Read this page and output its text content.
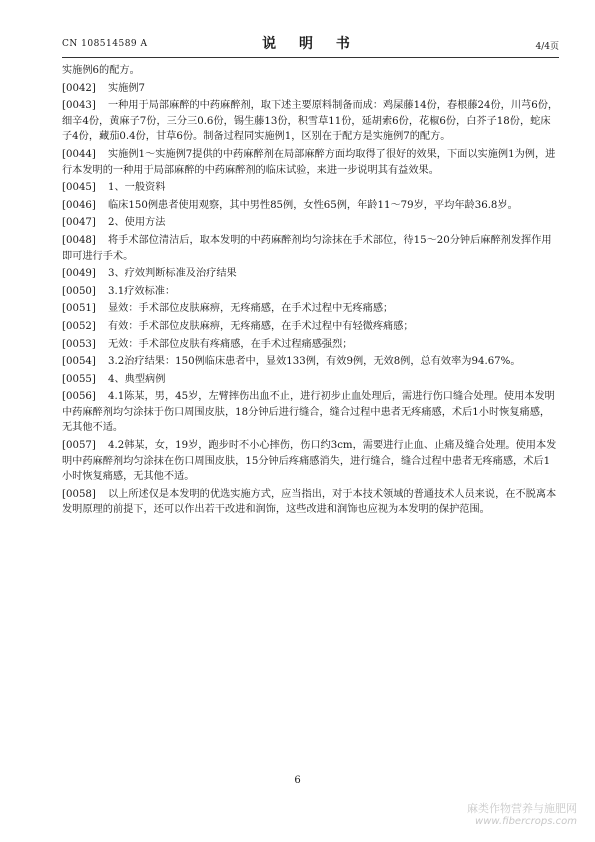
CN 108514589 A	说 明 书	4/4页
实施例6的配方。
[0042] 实施例7
[0043] 一种用于局部麻醉的中药麻醉剂，取下述主要原料制备而成：鸡屎藤14份，春根藤24份，川芎6份，细辛4份，黄麻子7份，三分三0.6份，锡生藤13份，积雪草11份，延胡索6份，花椒6份，白芥子18份，蛇床子4份，藏茄0.4份，甘草6份。制备过程同实施例1，区别在于配方是实施例7的配方。
[0044] 实施例1～实施例7提供的中药麻醉剂在局部麻醉方面均取得了很好的效果，下面以实施例1为例，进行本发明的一种用于局部麻醉的中药麻醉剂的临床试验，来进一步说明其有益效果。
[0045] 1、一般资料
[0046] 临床150例患者使用观察，其中男性85例，女性65例，年龄11～79岁，平均年龄36.8岁。
[0047] 2、使用方法
[0048] 将手术部位清洁后，取本发明的中药麻醉剂均匀涂抹在手术部位，待15～20分钟后麻醉剂发挥作用即可进行手术。
[0049] 3、疗效判断标准及治疗结果
[0050] 3.1疗效标准：
[0051] 显效：手术部位皮肤麻痹，无疼痛感，在手术过程中无疼痛感；
[0052] 有效：手术部位皮肤麻痹，无疼痛感，在手术过程中有轻微疼痛感；
[0053] 无效：手术部位皮肤有疼痛感，在手术过程痛感强烈；
[0054] 3.2治疗结果：150例临床患者中，显效133例，有效9例，无效8例，总有效率为94.67%。
[0055] 4、典型病例
[0056] 4.1陈某，男，45岁，左臂摔伤出血不止，进行初步止血处理后，需进行伤口缝合处理。使用本发明中药麻醉剂均匀涂抹于伤口周围皮肤，18分钟后进行缝合，缝合过程中患者无疼痛感，术后1小时恢复痛感，无其他不适。
[0057] 4.2韩某，女，19岁，跑步时不小心摔伤，伤口约3cm，需要进行止血、止痛及缝合处理。使用本发明中药麻醉剂均匀涂抹在伤口周围皮肤，15分钟后疼痛感消失，进行缝合，缝合过程中患者无疼痛感，术后1小时恢复痛感，无其他不适。
[0058] 以上所述仅是本发明的优选实施方式，应当指出，对于本技术领域的普通技术人员来说，在不脱离本发明原理的前提下，还可以作出若干改进和润饰，这些改进和润饰也应视为本发明的保护范围。
6
麻类作物营养与施肥网
www.fibercrops.com
